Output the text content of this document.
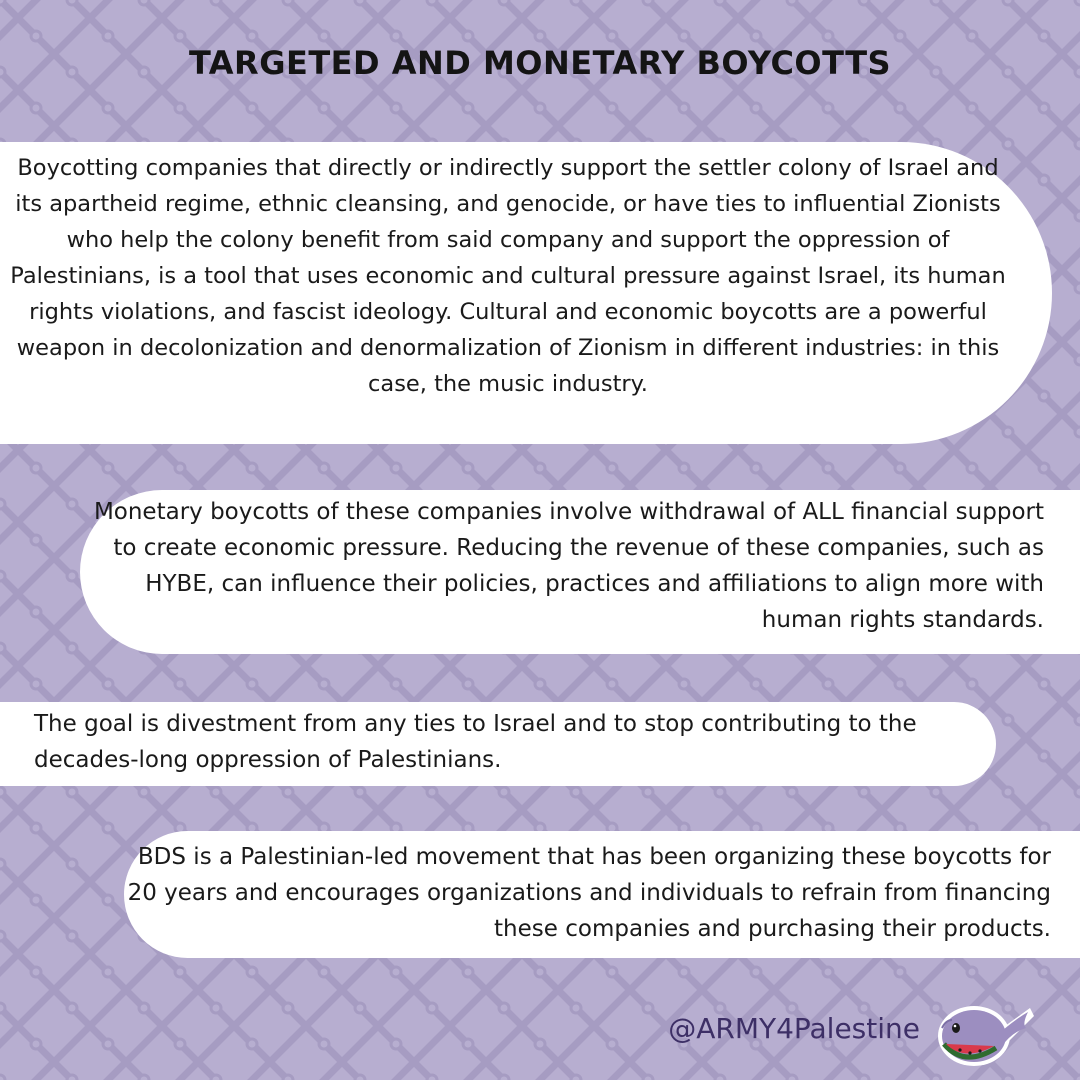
TARGETED AND MONETARY BOYCOTTS

Boycotting companies that directly or indirectly support the settler colony of Israel and its apartheid regime, ethnic cleansing, and genocide, or have ties to influential Zionists who help the colony benefit from said company and support the oppression of Palestinians, is a tool that uses economic and cultural pressure against Israel, its human rights violations, and fascist ideology. Cultural and economic boycotts are a powerful weapon in decolonization and denormalization of Zionism in different industries: in this case, the music industry.

Monetary boycotts of these companies involve withdrawal of ALL financial support to create economic pressure. Reducing the revenue of these companies, such as HYBE, can influence their policies, practices and affiliations to align more with human rights standards.

The goal is divestment from any ties to Israel and to stop contributing to the decades-long oppression of Palestinians.

BDS is a Palestinian-led movement that has been organizing these boycotts for 20 years and encourages organizations and individuals to refrain from financing these companies and purchasing their products.

@ARMY4Palestine
